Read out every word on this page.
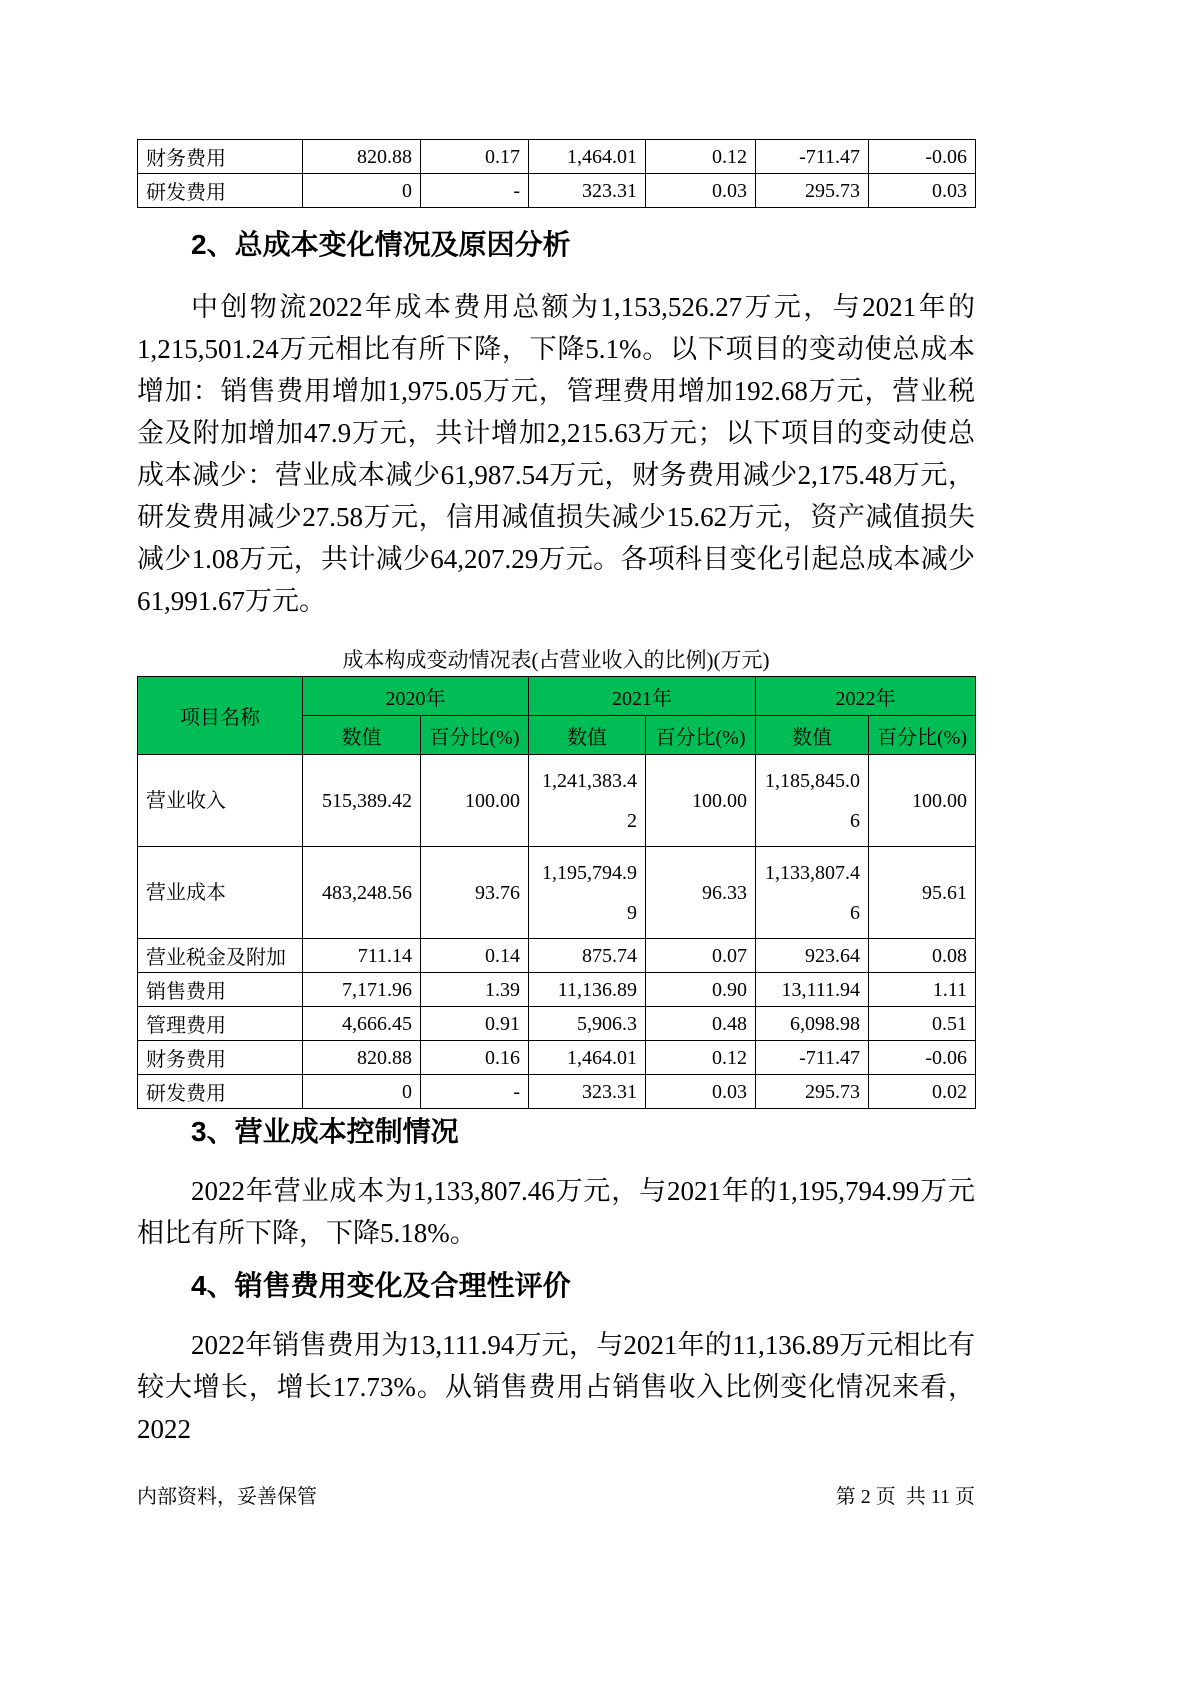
财务费用	820.88	0.17	1,464.01	0.12	-711.47	-0.06
研发费用	0	-	323.31	0.03	295.73	0.03
2、总成本变化情况及原因分析
中创物流2022年成本费用总额为1,153,526.27万元，与2021年的1,215,501.24万元相比有所下降，下降5.1%。以下项目的变动使总成本增加：销售费用增加1,975.05万元，管理费用增加192.68万元，营业税金及附加增加47.9万元，共计增加2,215.63万元；以下项目的变动使总成本减少：营业成本减少61,987.54万元，财务费用减少2,175.48万元，研发费用减少27.58万元，信用减值损失减少15.62万元，资产减值损失减少1.08万元，共计减少64,207.29万元。各项科目变化引起总成本减少61,991.67万元。
成本构成变动情况表(占营业收入的比例)(万元)
项目名称	2020年		2021年		2022年	
	数值	百分比(%)	数值	百分比(%)	数值	百分比(%)
营业收入	515,389.42	100.00	1,241,383.42	100.00	1,185,845.06	100.00
营业成本	483,248.56	93.76	1,195,794.99	96.33	1,133,807.46	95.61
营业税金及附加	711.14	0.14	875.74	0.07	923.64	0.08
销售费用	7,171.96	1.39	11,136.89	0.90	13,111.94	1.11
管理费用	4,666.45	0.91	5,906.3	0.48	6,098.98	0.51
财务费用	820.88	0.16	1,464.01	0.12	-711.47	-0.06
研发费用	0	-	323.31	0.03	295.73	0.02
3、营业成本控制情况
2022年营业成本为1,133,807.46万元，与2021年的1,195,794.99万元相比有所下降，下降5.18%。
4、销售费用变化及合理性评价
2022年销售费用为13,111.94万元，与2021年的11,136.89万元相比有较大增长，增长17.73%。从销售费用占销售收入比例变化情况来看，2022
内部资料，妥善保管	第 2 页  共 11 页
